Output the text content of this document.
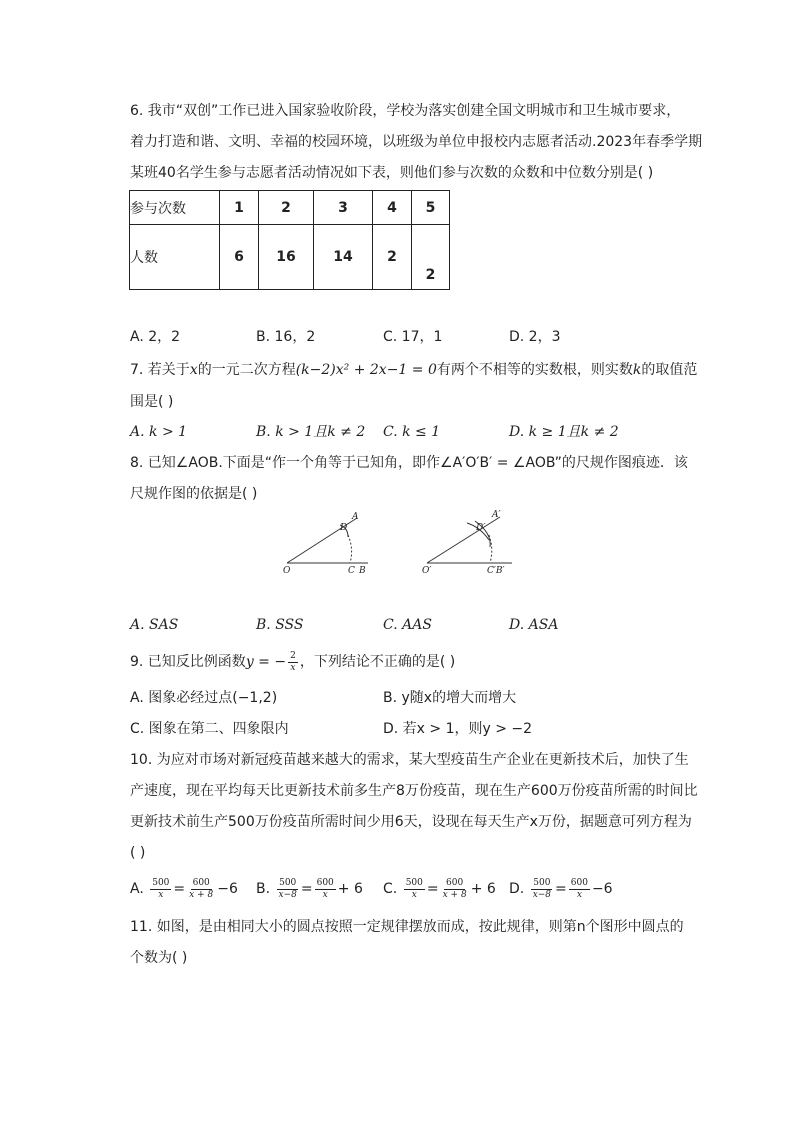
6. 我市“双创”工作已进入国家验收阶段，学校为落实创建全国文明城市和卫生城市要求，
着力打造和谐、文明、幸福的校园环境，以班级为单位申报校内志愿者活动.2023年春季学期
某班40名学生参与志愿者活动情况如下表，则他们参与次数的众数和中位数分别是( )
参与次数	1	2	3	4	5
人数	6	16	14	2	2
A. 2，2	B. 16，2	C. 17，1	D. 2，3
7. 若关于x的一元二次方程(k−2)x² + 2x−1 = 0有两个不相等的实数根，则实数k的取值范
围是( )
A. k > 1	B. k > 1且k ≠ 2 C. k ≤ 1	D. k ≥ 1且k ≠ 2
8. 已知∠AOB.下面是“作一个角等于已知角，即作∠A′O′B′ = ∠AOB”的尺规作图痕迹．该
尺规作图的依据是( )
O	C B
D
A
O′	C′B′
D′
A′
A. SAS	B. SSS	C. AAS	D. ASA
9. 已知反比例函数y = − $\frac{2}{x}$ ，下列结论不正确的是( )
A. 图象必经过点(−1,2)	B. y随x的增大而增大
C. 图象在第二、四象限内	D. 若x > 1，则y > −2
10. 为应对市场对新冠疫苗越来越大的需求，某大型疫苗生产企业在更新技术后，加快了生
产速度，现在平均每天比更新技术前多生产8万份疫苗，现在生产600万份疫苗所需的时间比
更新技术前生产500万份疫苗所需时间少用6天，设现在每天生产x万份，据题意可列方程为
( )
A. $\frac{500}{x} = \frac{600}{x + 8} -6$ B. $\frac{500}{x-8} = \frac{600}{x} + 6$ C. $\frac{500}{x} = \frac{600}{x + 8} + 6$ D. $\frac{500}{x-8} = \frac{600}{x} -6$
11. 如图，是由相同大小的圆点按照一定规律摆放而成，按此规律，则第n个图形中圆点的
个数为( )
